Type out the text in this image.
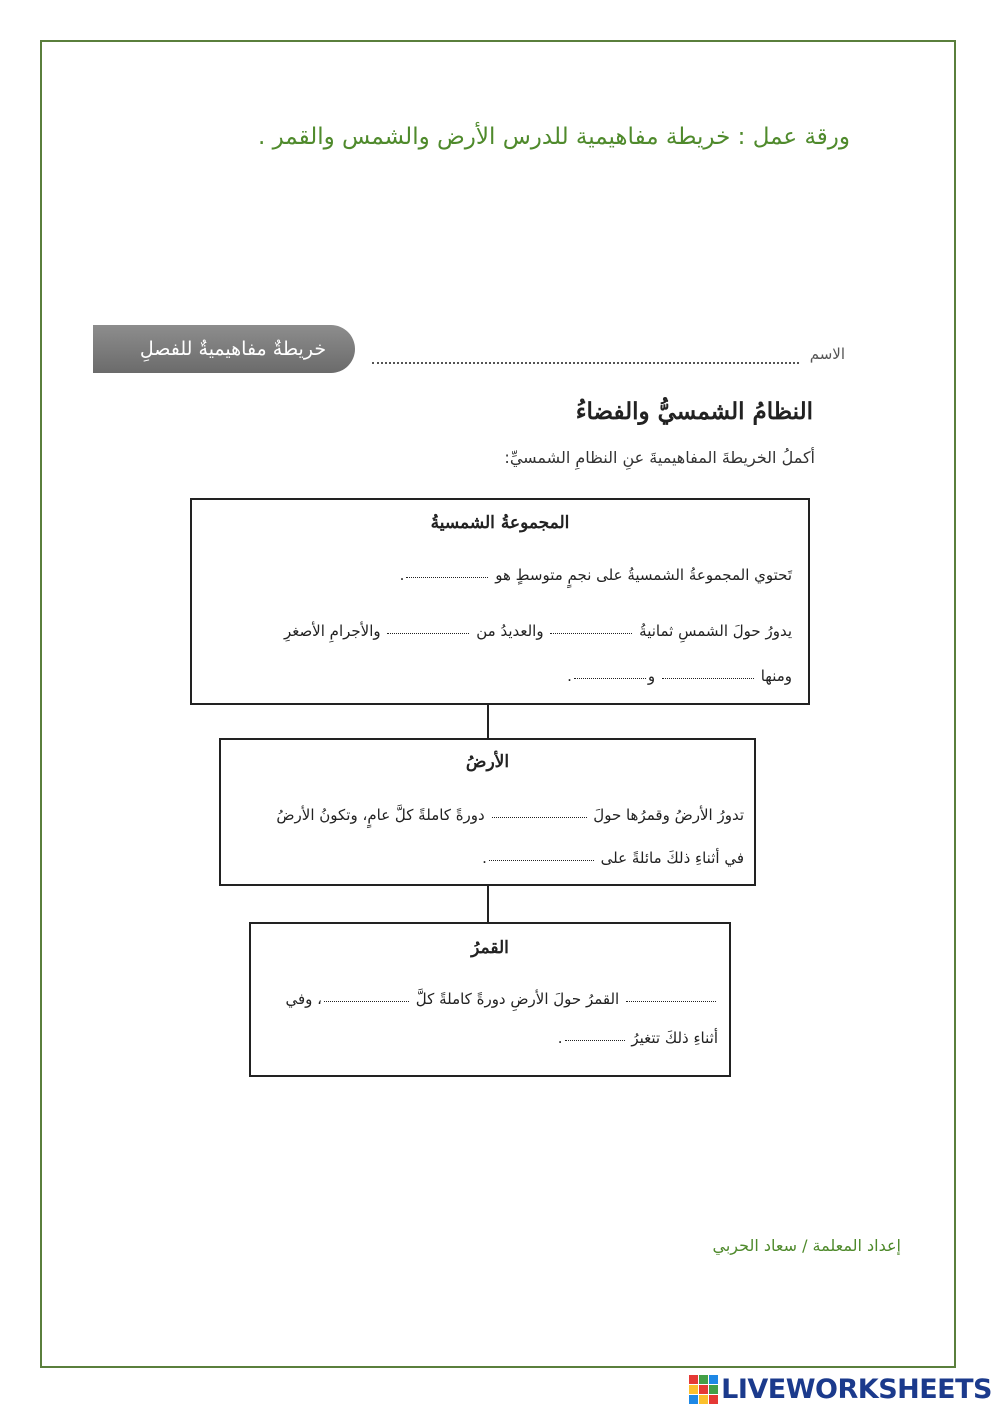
ورقة عمل : خريطة مفاهيمية للدرس الأرض والشمس والقمر .
خريطةٌ مفاهيميةٌ للفصلِ	الاسم
النظامُ الشمسيُّ والفضاءُ
أكملُ الخريطةَ المفاهيميةَ عنِ النظامِ الشمسيِّ:
المجموعةُ الشمسيةُ
تَحتوي المجموعةُ الشمسيةُ على نجمٍ متوسطٍ هو .
يدورُ حولَ الشمسِ ثمانيةُ  والعديدُ من  والأجرامِ الأصغرِ
ومنها  و.
الأرضُ
تدورُ الأرضُ وقمرُها حولَ  دورةً كاملةً كلَّ عامٍ، وتكونُ الأرضُ
في أثناءِ ذلكَ مائلةً على .
القمرُ
القمرُ حولَ الأرضِ دورةً كاملةً كلَّ ، وفي
أثناءِ ذلكَ تتغيرُ .
إعداد المعلمة / سعاد الحربي
LIVEWORKSHEETS
